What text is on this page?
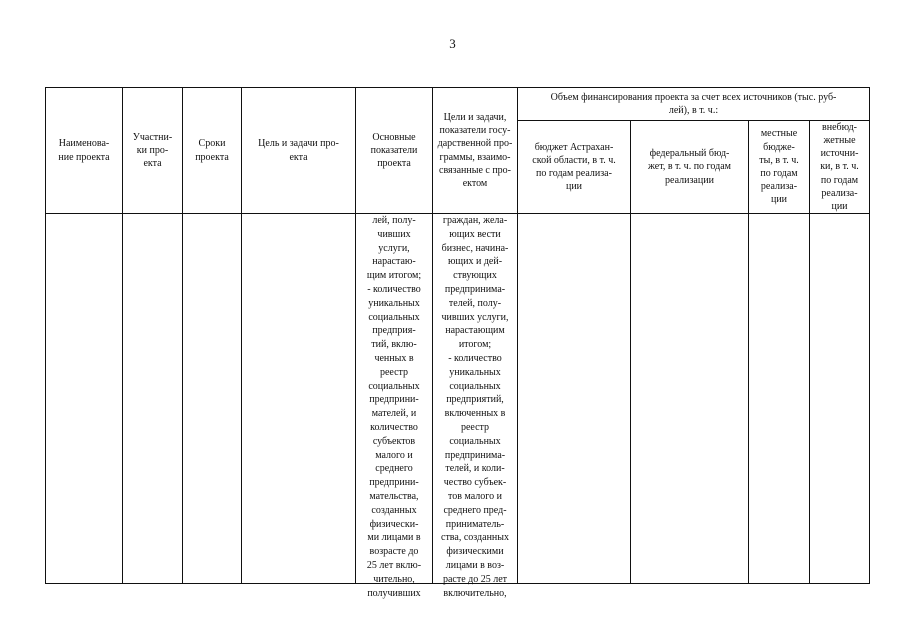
3
Наименова-
ние проекта
Участни-
ки про-
екта
Сроки
проекта
Цель и задачи про-
екта
Основные
показатели
проекта
Цели и задачи,
показатели госу-
дарственной про-
граммы, взаимо-
связанные с про-
ектом
Объем финансирования проекта за счет всех источников (тыс. руб-
лей), в т. ч.:
бюджет Астрахан-
ской области, в т. ч.
по годам реализа-
ции
федеральный бюд-
жет, в т. ч. по годам
реализации
местные
бюдже-
ты, в т. ч.
по годам
реализа-
ции
внебюд-
жетные
источни-
ки, в т. ч.
по годам
реализа-
ции
лей, полу-
чивших
услуги,
нарастаю-
щим итогом;
- количество
уникальных
социальных
предприя-
тий, вклю-
ченных в
реестр
социальных
предприни-
мателей, и
количество
субъектов
малого и
среднего
предприни-
мательства,
созданных
физически-
ми лицами в
возрасте до
25 лет вклю-
чительно,
получивших
граждан, жела-
ющих вести
бизнес, начина-
ющих и дей-
ствующих
предпринима-
телей, полу-
чивших услуги,
нарастающим
итогом;
- количество
уникальных
социальных
предприятий,
включенных в
реестр
социальных
предпринима-
телей, и коли-
чество субъек-
тов малого и
среднего пред-
приниматель-
ства, созданных
физическими
лицами в воз-
расте до 25 лет
включительно,
